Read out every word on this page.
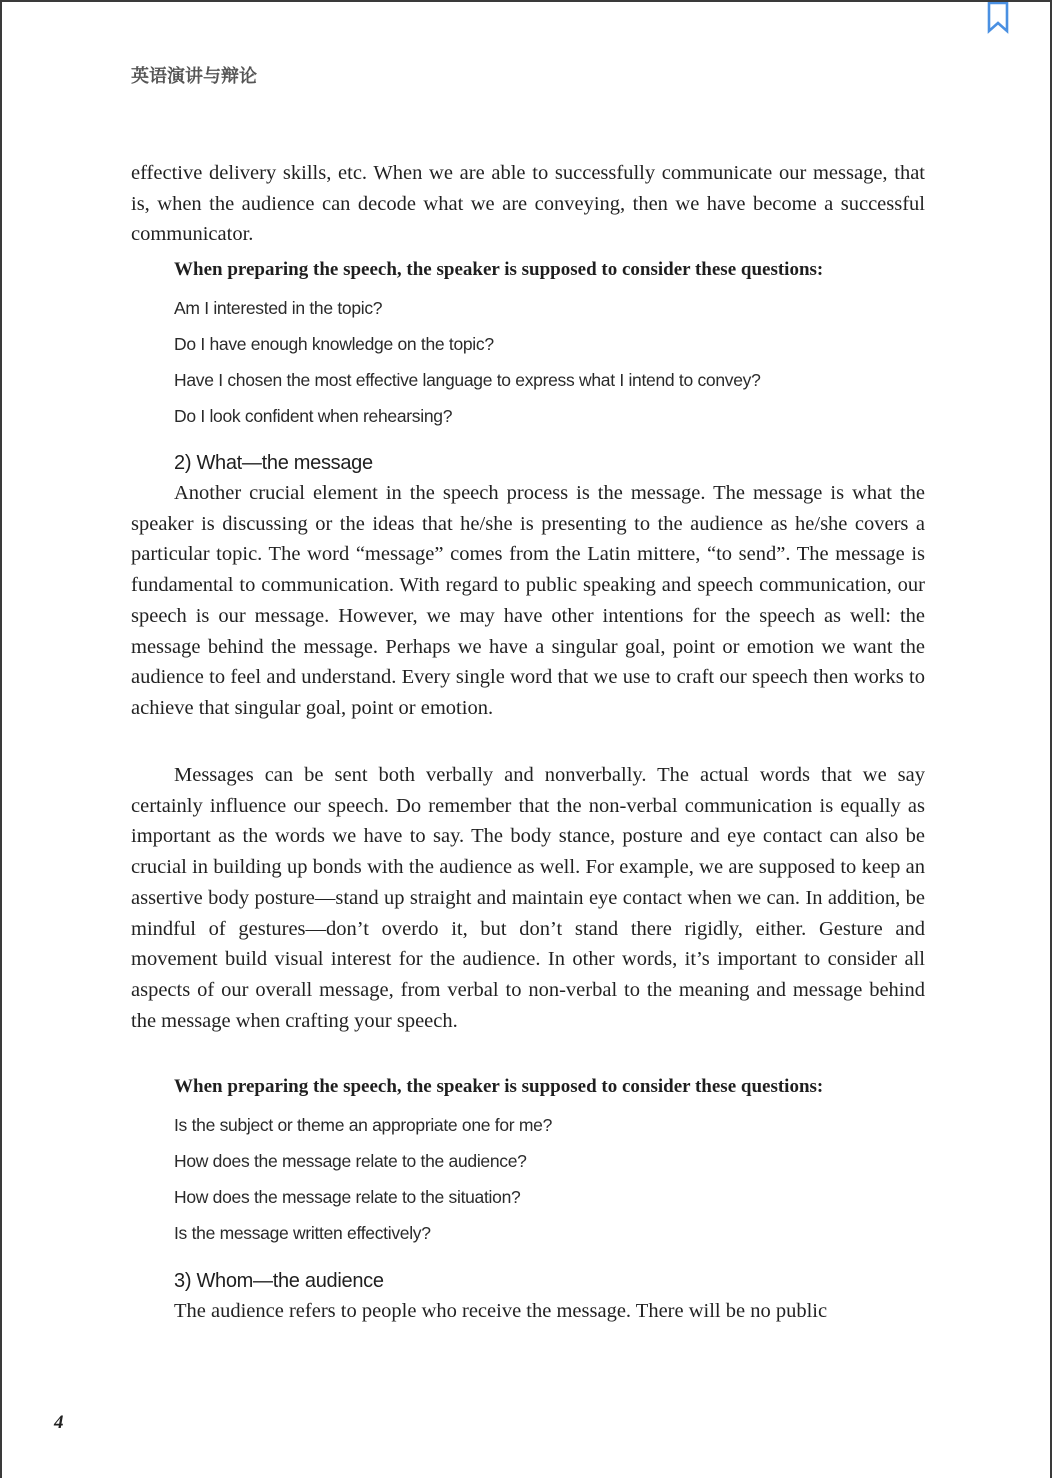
英语演讲与辩论
effective delivery skills, etc. When we are able to successfully communicate our message, that is, when the audience can decode what we are conveying, then we have become a successful communicator.
When preparing the speech, the speaker is supposed to consider these questions:
Am I interested in the topic?
Do I have enough knowledge on the topic?
Have I chosen the most effective language to express what I intend to convey?
Do I look confident when rehearsing?
2) What—the message
Another crucial element in the speech process is the message. The message is what the speaker is discussing or the ideas that he/she is presenting to the audience as he/she covers a particular topic. The word “message” comes from the Latin mittere, “to send”. The message is fundamental to communication. With regard to public speaking and speech communication, our speech is our message. However, we may have other intentions for the speech as well: the message behind the message. Perhaps we have a singular goal, point or emotion we want the audience to feel and understand. Every single word that we use to craft our speech then works to achieve that singular goal, point or emotion.
Messages can be sent both verbally and nonverbally. The actual words that we say certainly influence our speech. Do remember that the non-verbal communication is equally as important as the words we have to say. The body stance, posture and eye contact can also be crucial in building up bonds with the audience as well. For example, we are supposed to keep an assertive body posture—stand up straight and maintain eye contact when we can. In addition, be mindful of gestures—don’t overdo it, but don’t stand there rigidly, either. Gesture and movement build visual interest for the audience. In other words, it’s important to consider all aspects of our overall message, from verbal to non-verbal to the meaning and message behind the message when crafting your speech.
When preparing the speech, the speaker is supposed to consider these questions:
Is the subject or theme an appropriate one for me?
How does the message relate to the audience?
How does the message relate to the situation?
Is the message written effectively?
3) Whom—the audience
The audience refers to people who receive the message. There will be no public
4
